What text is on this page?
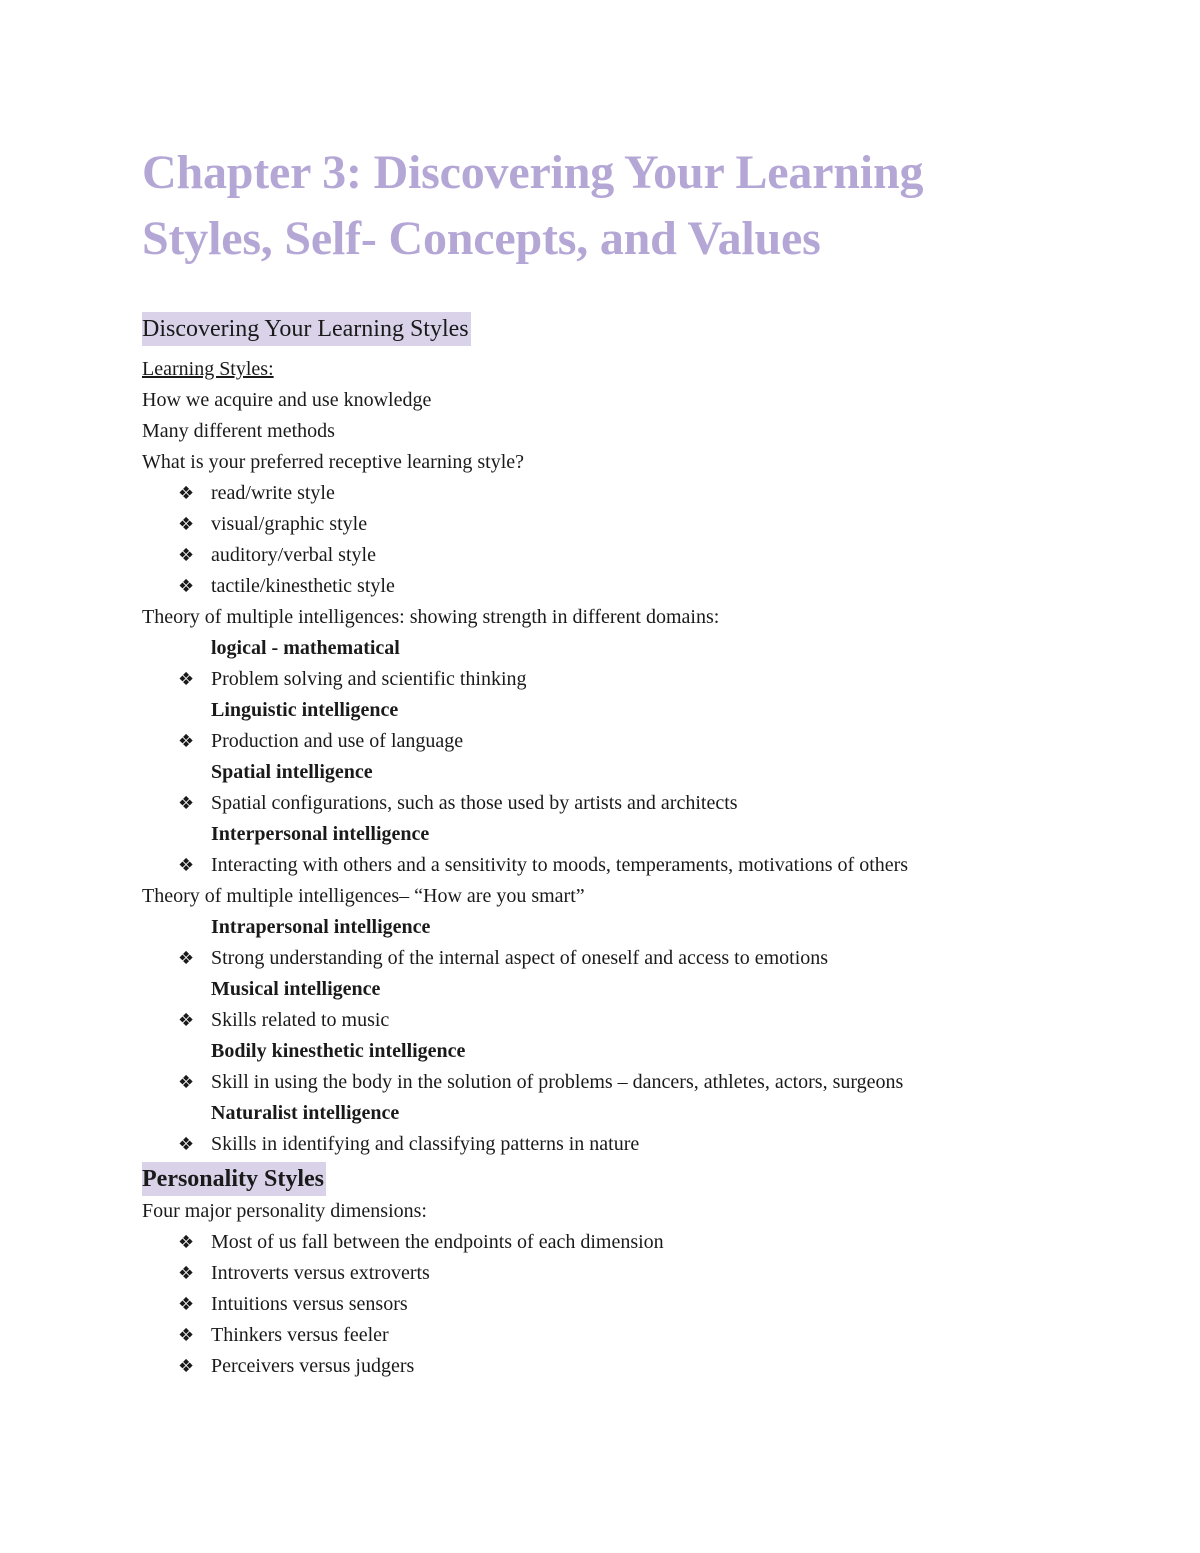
Chapter 3: Discovering Your Learning
Styles, Self- Concepts, and Values
Discovering Your Learning Styles

Learning Styles:

How we acquire and use knowledge

Many different methods

What is your preferred receptive learning style?

❖ read/write style
❖ visual/graphic style
❖ auditory/verbal style
❖ tactile/kinesthetic style

Theory of multiple intelligences: showing strength in different domains:

logical - mathematical

❖ Problem solving and scientific thinking

Linguistic intelligence

❖ Production and use of language

Spatial intelligence

❖ Spatial configurations, such as those used by artists and architects

Interpersonal intelligence

❖ Interacting with others and a sensitivity to moods, temperaments, motivations of others

Theory of multiple intelligences– “How are you smart”

Intrapersonal intelligence

❖ Strong understanding of the internal aspect of oneself and access to emotions

Musical intelligence

❖ Skills related to music

Bodily kinesthetic intelligence

❖ Skill in using the body in the solution of problems – dancers, athletes, actors, surgeons

Naturalist intelligence

❖ Skills in identifying and classifying patterns in nature
Personality Styles

Four major personality dimensions:

❖ Most of us fall between the endpoints of each dimension
❖ Introverts versus extroverts
❖ Intuitions versus sensors
❖ Thinkers versus feeler
❖ Perceivers versus judgers
